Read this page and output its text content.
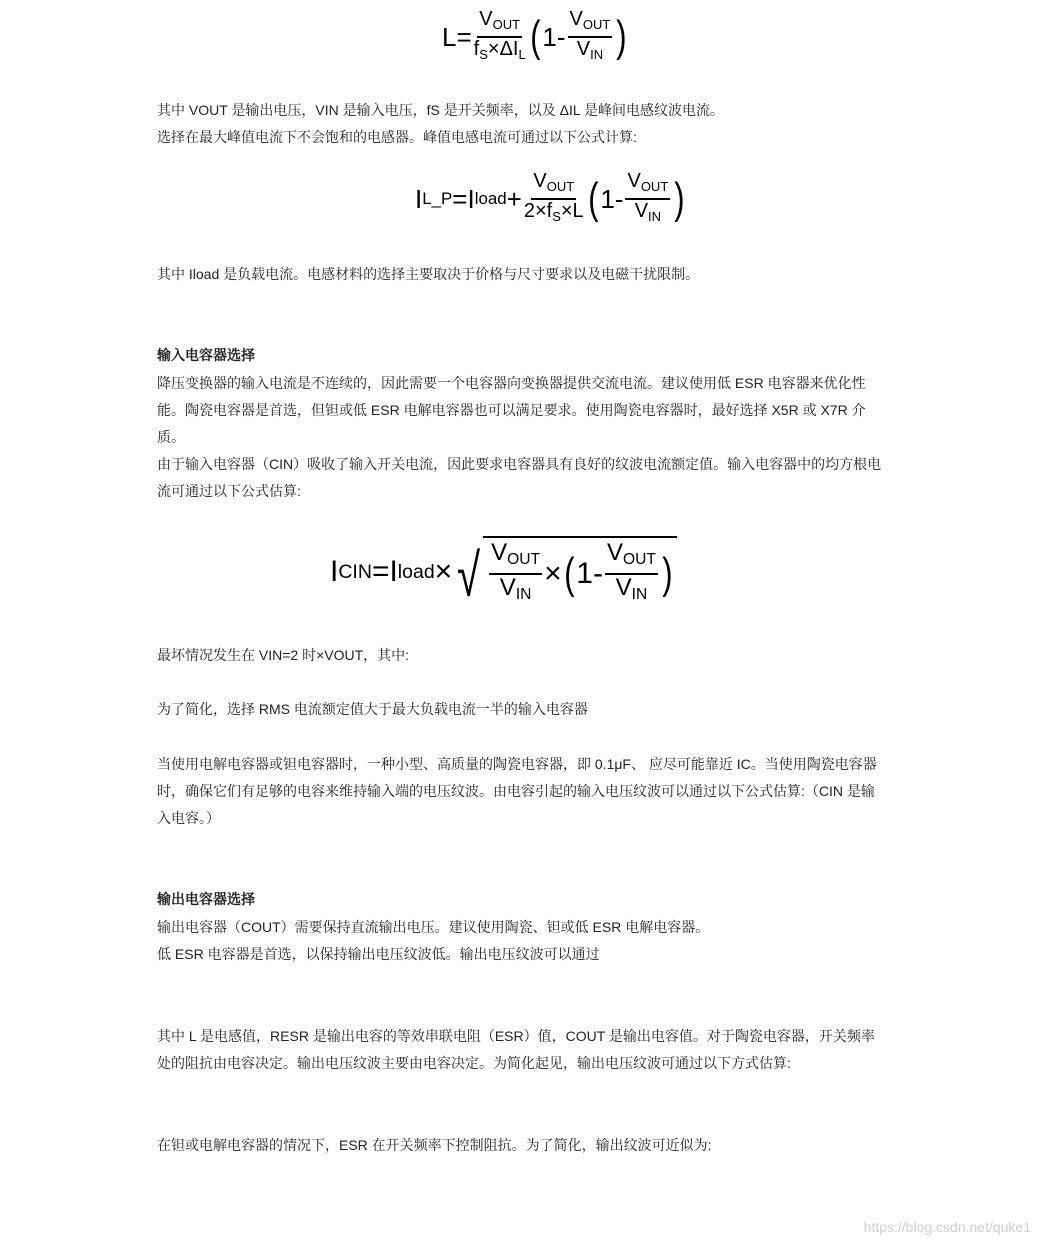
$L= \frac{V_{OUT}}{f_S\times\Delta I_L}$ ( $1- \frac{V_{OUT}}{V_{IN}}$ )
其中 VOUT 是输出电压，VIN 是输入电压，fS 是开关频率，以及 ΔIL 是峰间电感纹波电流。
选择在最大峰值电流下不会饱和的电感器。峰值电感电流可通过以下公式计算:
I L_P =I load + $\frac{V_{OUT}}{2\times f_S\times L}$ ( $1- \frac{V_{OUT}}{V_{IN}}$ )
其中 Iload 是负载电流。电感材料的选择主要取决于价格与尺寸要求以及电磁干扰限制。
输入电容器选择
降压变换器的输入电流是不连续的，因此需要一个电容器向变换器提供交流电流。建议使用低 ESR 电容器来优化性能。陶瓷电容器是首选，但钽或低 ESR 电解电容器也可以满足要求。使用陶瓷电容器时，最好选择 X5R 或 X7R 介质。
由于输入电容器（CIN）吸收了输入开关电流，因此要求电容器具有良好的纹波电流额定值。输入电容器中的均方根电流可通过以下公式估算:
I CIN =I load × √ $\frac{V_{OUT}}{V_{IN}}$ × ( $1- \frac{V_{OUT}}{V_{IN}}$ )
最坏情况发生在 VIN=2 时×VOUT，其中:
为了简化，选择 RMS 电流额定值大于最大负载电流一半的输入电容器
当使用电解电容器或钽电容器时，一种小型、高质量的陶瓷电容器，即 0.1μF、 应尽可能靠近 IC。当使用陶瓷电容器时，确保它们有足够的电容来维持输入端的电压纹波。由电容引起的输入电压纹波可以通过以下公式估算:（CIN 是输入电容。）
输出电容器选择
输出电容器（COUT）需要保持直流输出电压。建议使用陶瓷、钽或低 ESR 电解电容器。
低 ESR 电容器是首选，以保持输出电压纹波低。输出电压纹波可以通过
其中 L 是电感值，RESR 是输出电容的等效串联电阻（ESR）值，COUT 是输出电容值。对于陶瓷电容器，开关频率处的阻抗由电容决定。输出电压纹波主要由电容决定。为简化起见，输出电压纹波可通过以下方式估算:
在钽或电解电容器的情况下，ESR 在开关频率下控制阻抗。为了简化，输出纹波可近似为:
https://blog.csdn.net/quke1
